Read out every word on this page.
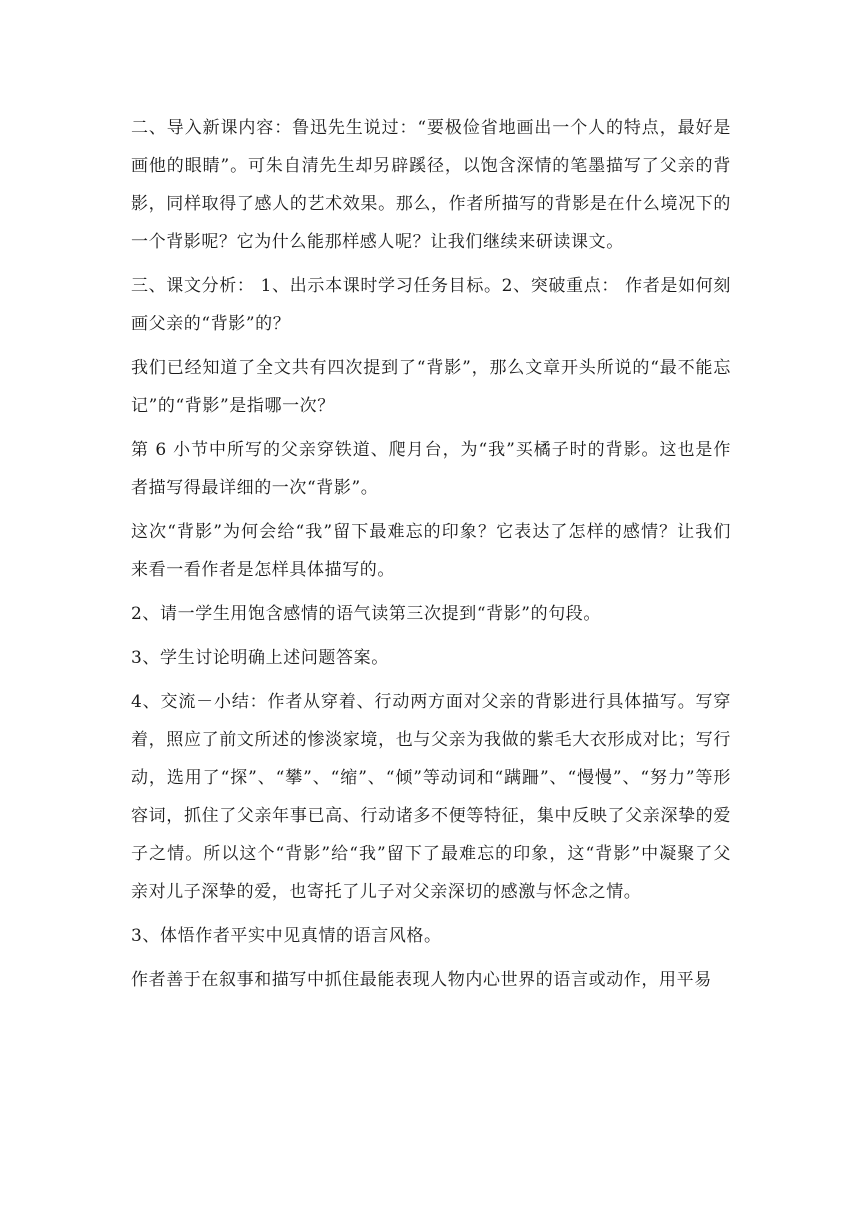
二、导入新课内容：鲁迅先生说过：“要极俭省地画出一个人的特点，最好是画他的眼睛”。可朱自清先生却另辟蹊径，以饱含深情的笔墨描写了父亲的背影，同样取得了感人的艺术效果。那么，作者所描写的背影是在什么境况下的一个背影呢？它为什么能那样感人呢？让我们继续来研读课文。

三、课文分析： 1、出示本课时学习任务目标。2、突破重点： 作者是如何刻画父亲的“背影”的？

我们已经知道了全文共有四次提到了“背影”，那么文章开头所说的“最不能忘记”的“背影”是指哪一次？

第 6 小节中所写的父亲穿铁道、爬月台，为“我”买橘子时的背影。这也是作者描写得最详细的一次“背影”。

这次“背影”为何会给“我”留下最难忘的印象？它表达了怎样的感情？让我们来看一看作者是怎样具体描写的。

2、请一学生用饱含感情的语气读第三次提到“背影”的句段。

3、学生讨论明确上述问题答案。

4、交流－小结：作者从穿着、行动两方面对父亲的背影进行具体描写。写穿着，照应了前文所述的惨淡家境，也与父亲为我做的紫毛大衣形成对比；写行动，选用了“探”、“攀”、“缩”、“倾”等动词和“蹒跚”、“慢慢”、“努力”等形容词，抓住了父亲年事已高、行动诸多不便等特征，集中反映了父亲深挚的爱子之情。所以这个“背影”给“我”留下了最难忘的印象，这“背影”中凝聚了父亲对儿子深挚的爱，也寄托了儿子对父亲深切的感激与怀念之情。

3、体悟作者平实中见真情的语言风格。

作者善于在叙事和描写中抓住最能表现人物内心世界的语言或动作，用平易
